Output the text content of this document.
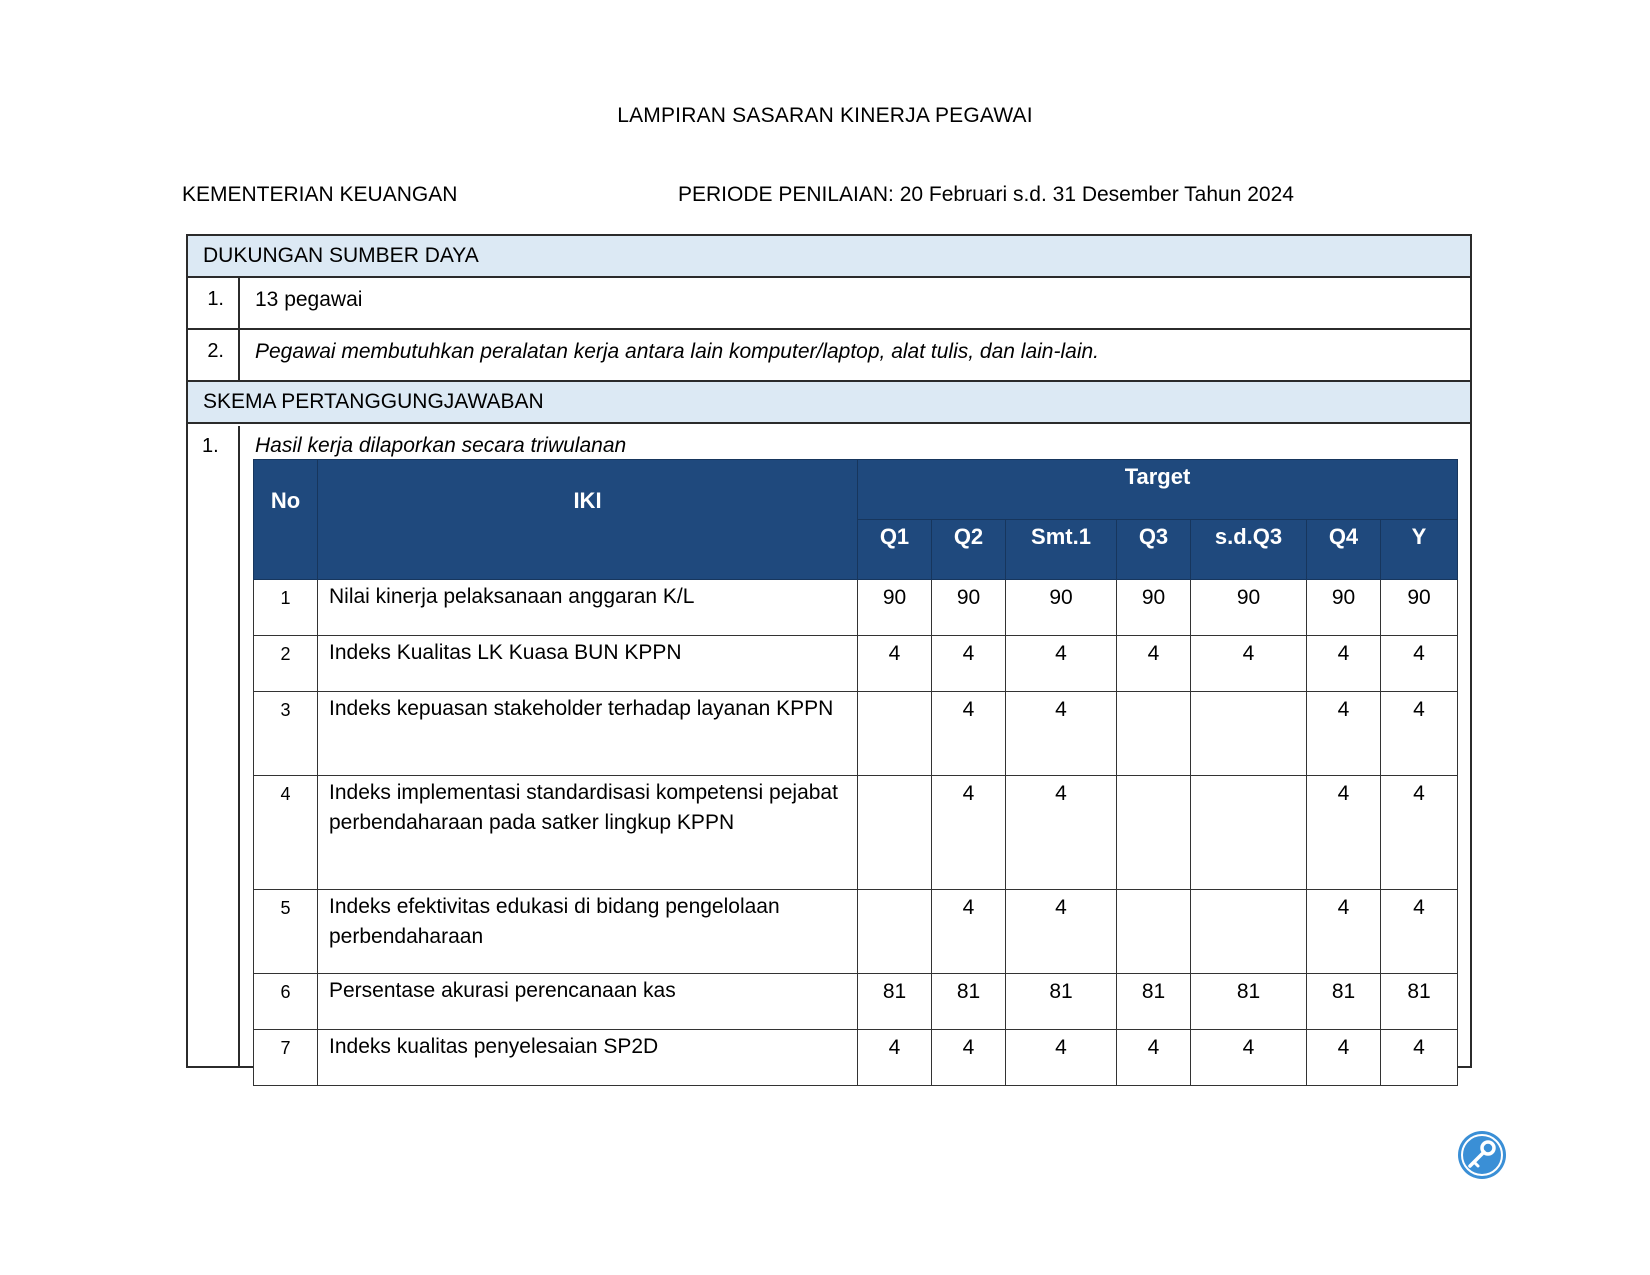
LAMPIRAN SASARAN KINERJA PEGAWAI
KEMENTERIAN KEUANGAN	PERIODE PENILAIAN: 20 Februari s.d. 31 Desember Tahun 2024
DUKUNGAN SUMBER DAYA
1.	13 pegawai
2.	Pegawai membutuhkan peralatan kerja antara lain komputer/laptop, alat tulis, dan lain-lain.
SKEMA PERTANGGUNGJAWABAN
1. Hasil kerja dilaporkan secara triwulanan
No	IKI	Target						
		Q1	Q2	Smt.1	Q3	s.d.Q3	Q4	Y
1	Nilai kinerja pelaksanaan anggaran K/L	90	90	90	90	90	90	90
2	Indeks Kualitas LK Kuasa BUN KPPN	4	4	4	4	4	4	4
3	Indeks kepuasan stakeholder terhadap layanan KPPN		4	4			4	4
4	Indeks implementasi standardisasi kompetensi pejabat perbendaharaan pada satker lingkup KPPN		4	4			4	4
5	Indeks efektivitas edukasi di bidang pengelolaan perbendaharaan		4	4			4	4
6	Persentase akurasi perencanaan kas	81	81	81	81	81	81	81
7	Indeks kualitas penyelesaian SP2D	4	4	4	4	4	4	4
